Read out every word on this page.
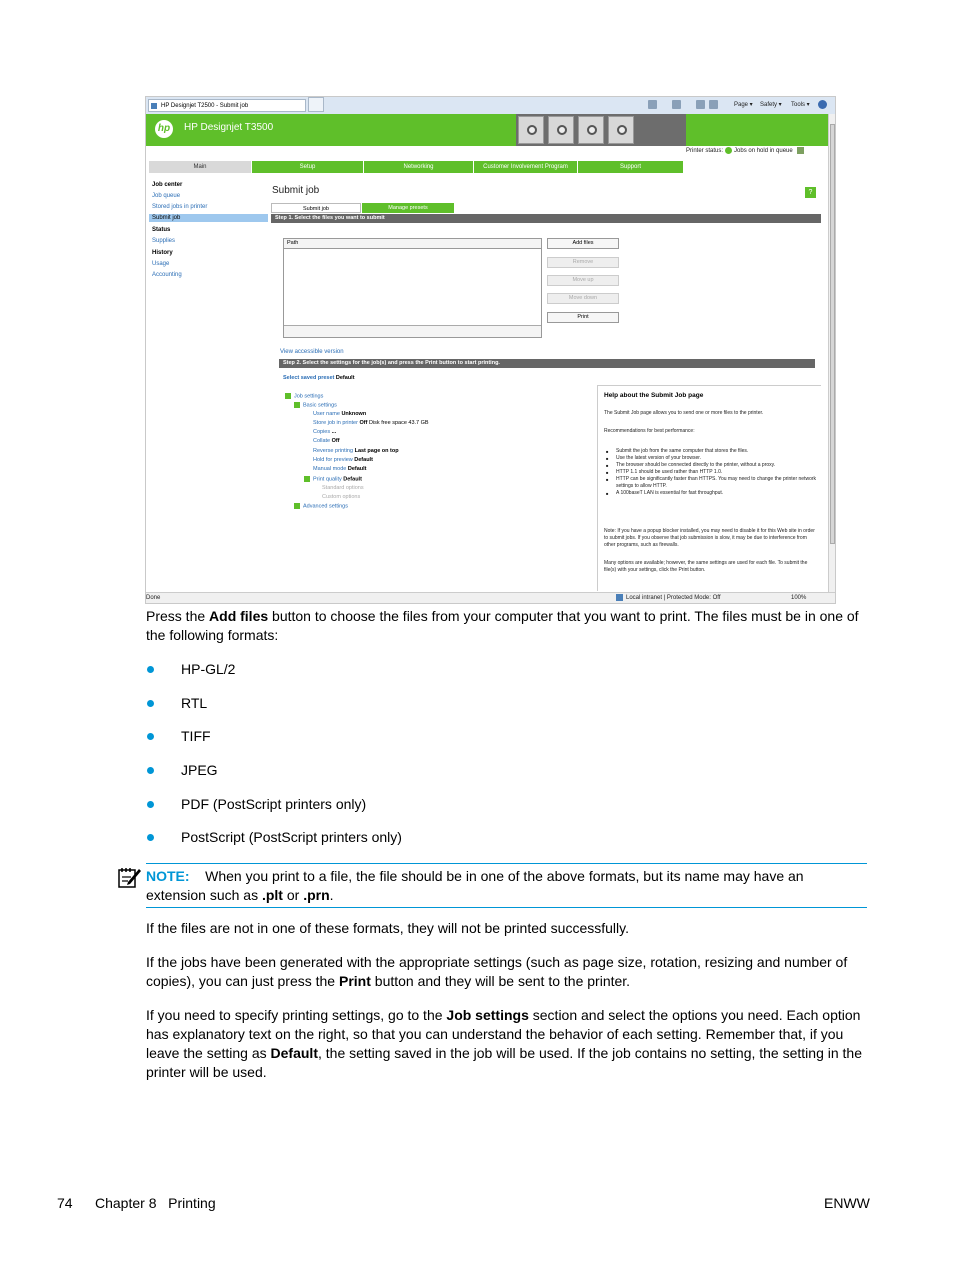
HP Designjet T2500 - Submit job	Page ▾ Safety ▾ Tools ▾
hp HP Designjet T3500
Printer status: Jobs on hold in queue
Main	Setup	Networking	Customer Involvement Program	Support
Job center
Job queue
Stored jobs in printer
Submit job
Status
Supplies
History
Usage
Accounting
Submit job	?
Submit job	Manage presets
Step 1. Select the files you want to submit
Path	Add files
Remove
Move up
Move down
Print
View accessible version
Step 2. Select the settings for the job(s) and press the Print button to start printing.
Select saved preset Default
Job settings
Basic settings
User name Unknown
Store job in printer Off Disk free space 43.7 GB
Copies ...
Collate Off
Reverse printing Last page on top
Hold for preview Default
Manual mode Default
Print quality Default
Standard options
Custom options
Advanced settings
Help about the Submit Job page
The Submit Job page allows you to send one or more files to the printer.
Recommendations for best performance:
■ Submit the job from the same computer that stores the files.
■ Use the latest version of your browser.
■ The browser should be connected directly to the printer, without a proxy.
■ HTTP 1.1 should be used rather than HTTP 1.0.
■ HTTP can be significantly faster than HTTPS. You may need to change the printer network settings to allow HTTP.
■ A 100baseT LAN is essential for fast throughput.
Note: If you have a popup blocker installed, you may need to disable it for this Web site in order to submit jobs. If you observe that job submission is slow, it may be due to interference from other programs, such as firewalls.
Many options are available; however, the same settings are used for each file. To submit the file(s) with your settings, click the Print button.
Done	Local intranet | Protected Mode: Off	100%
Press the Add files button to choose the files from your computer that you want to print. The files must be in one of the following formats:
HP-GL/2
RTL
TIFF
JPEG
PDF (PostScript printers only)
PostScript (PostScript printers only)
NOTE: When you print to a file, the file should be in one of the above formats, but its name may have an extension such as .plt or .prn.
If the files are not in one of these formats, they will not be printed successfully.
If the jobs have been generated with the appropriate settings (such as page size, rotation, resizing and number of copies), you can just press the Print button and they will be sent to the printer.
If you need to specify printing settings, go to the Job settings section and select the options you need. Each option has explanatory text on the right, so that you can understand the behavior of each setting. Remember that, if you leave the setting as Default, the setting saved in the job will be used. If the job contains no setting, the setting in the printer will be used.
74 Chapter 8   Printing	ENWW
